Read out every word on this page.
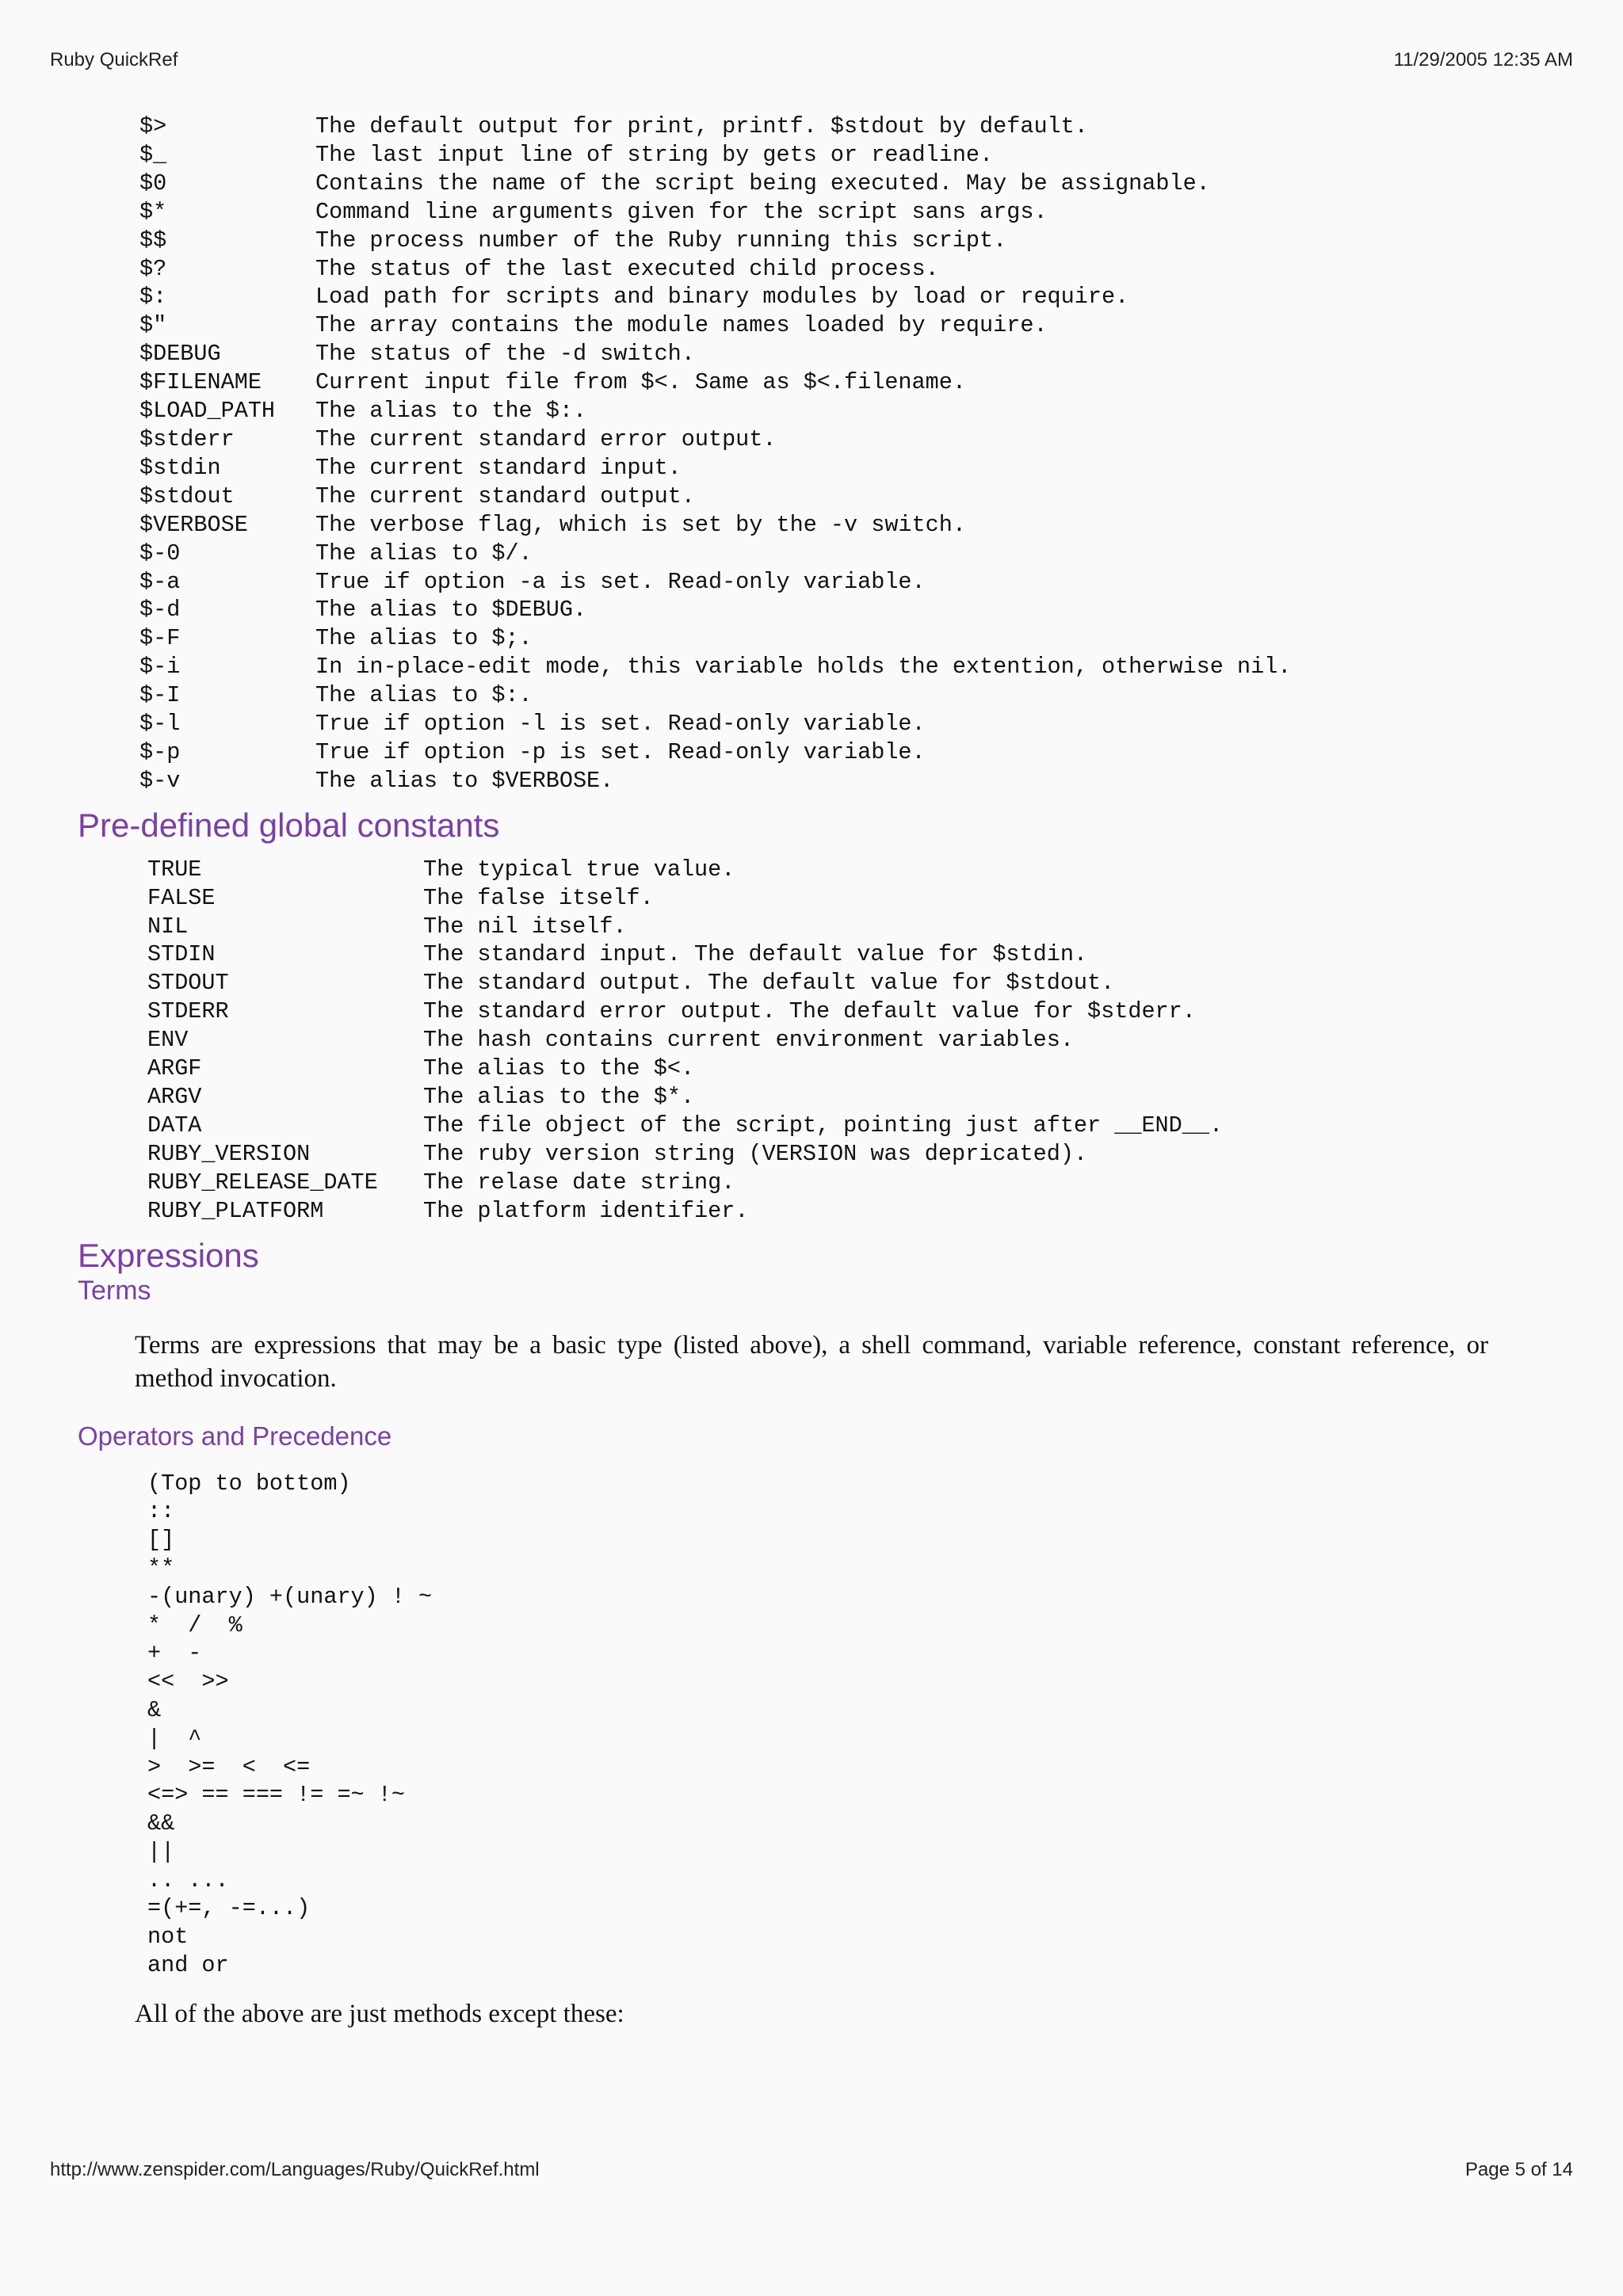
Ruby QuickRef	11/29/2005 12:35 AM
$>	The default output for print, printf. $stdout by default.
$_	The last input line of string by gets or readline.
$0	Contains the name of the script being executed. May be assignable.
$*	Command line arguments given for the script sans args.
$$	The process number of the Ruby running this script.
$?	The status of the last executed child process.
$:	Load path for scripts and binary modules by load or require.
$"	The array contains the module names loaded by require.
$DEBUG	The status of the -d switch.
$FILENAME	Current input file from $<. Same as $<.filename.
$LOAD_PATH	The alias to the $:.
$stderr	The current standard error output.
$stdin	The current standard input.
$stdout	The current standard output.
$VERBOSE	The verbose flag, which is set by the -v switch.
$-0	The alias to $/.
$-a	True if option -a is set. Read-only variable.
$-d	The alias to $DEBUG.
$-F	The alias to $;.
$-i	In in-place-edit mode, this variable holds the extention, otherwise nil.
$-I	The alias to $:.
$-l	True if option -l is set. Read-only variable.
$-p	True if option -p is set. Read-only variable.
$-v	The alias to $VERBOSE.
Pre-defined global constants
TRUE	The typical true value.
FALSE	The false itself.
NIL	The nil itself.
STDIN	The standard input. The default value for $stdin.
STDOUT	The standard output. The default value for $stdout.
STDERR	The standard error output. The default value for $stderr.
ENV	The hash contains current environment variables.
ARGF	The alias to the $<.
ARGV	The alias to the $*.
DATA	The file object of the script, pointing just after __END__.
RUBY_VERSION	The ruby version string (VERSION was depricated).
RUBY_RELEASE_DATE	The relase date string.
RUBY_PLATFORM	The platform identifier.
Expressions
Terms

Terms are expressions that may be a basic type (listed above), a shell command, variable reference, constant reference, or method invocation.

Operators and Precedence
(Top to bottom)
::
[]
**
-(unary) +(unary) ! ~
*  /  %
+  -
<<  >>
&
|  ^
>  >=  <  <=
<=> == === != =~ !~
&&
||
.. ...
=(+=, -=...)
not
and or

All of the above are just methods except these:

http://www.zenspider.com/Languages/Ruby/QuickRef.html	Page 5 of 14
